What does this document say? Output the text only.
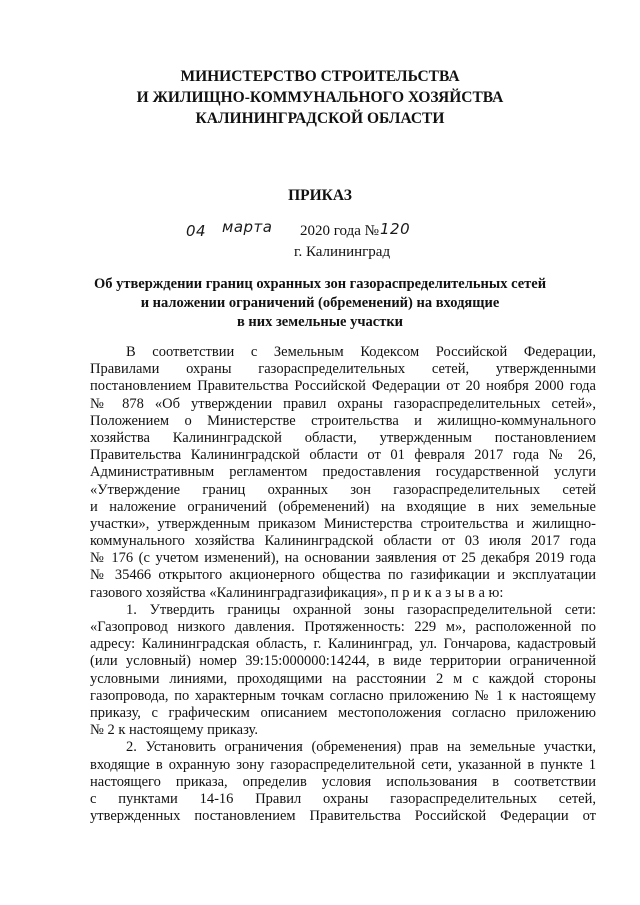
МИНИСТЕРСТВО СТРОИТЕЛЬСТВА
И ЖИЛИЩНО-КОММУНАЛЬНОГО ХОЗЯЙСТВА
КАЛИНИНГРАДСКОЙ ОБЛАСТИ
ПРИКАЗ
04 марта 2020 года № 120
г. Калининград
Об утверждении границ охранных зон газораспределительных сетей
и наложении ограничений (обременений) на входящие
в них земельные участки
В соответствии с Земельным Кодексом Российской Федерации,
Правилами охраны газораспределительных сетей, утвержденными
постановлением Правительства Российской Федерации от 20 ноября 2000 года
№ 878 «Об утверждении правил охраны газораспределительных сетей»,
Положением о Министерстве строительства и жилищно-коммунального
хозяйства Калининградской области, утвержденным постановлением
Правительства Калининградской области от 01 февраля 2017 года № 26,
Административным регламентом предоставления государственной услуги
«Утверждение границ охранных зон газораспределительных сетей
и наложение ограничений (обременений) на входящие в них земельные
участки», утвержденным приказом Министерства строительства и жилищно-
коммунального хозяйства Калининградской области от 03 июля 2017 года
№ 176 (с учетом изменений), на основании заявления от 25 декабря 2019 года
№ 35466 открытого акционерного общества по газификации и эксплуатации
газового хозяйства «Калининградгазификация», п р и к а з ы в а ю:
1. Утвердить границы охранной зоны газораспределительной сети:
«Газопровод низкого давления. Протяженность: 229 м», расположенной по
адресу: Калининградская область, г. Калининград, ул. Гончарова, кадастровый
(или условный) номер 39:15:000000:14244, в виде территории ограниченной
условными линиями, проходящими на расстоянии 2 м с каждой стороны
газопровода, по характерным точкам согласно приложению № 1 к настоящему
приказу, с графическим описанием местоположения согласно приложению
№ 2 к настоящему приказу.
2. Установить ограничения (обременения) прав на земельные участки,
входящие в охранную зону газораспределительной сети, указанной в пункте 1
настоящего приказа, определив условия использования в соответствии
с пунктами 14-16 Правил охраны газораспределительных сетей,
утвержденных постановлением Правительства Российской Федерации от
